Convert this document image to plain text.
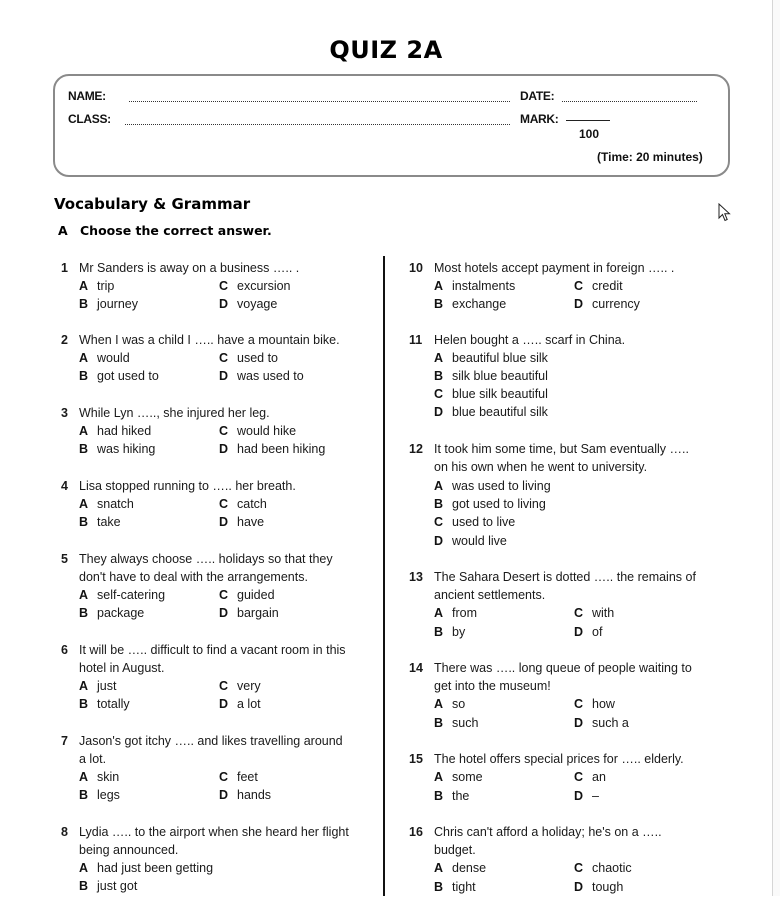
QUIZ 2A
NAME:	DATE:
CLASS:	MARK:
100
(Time: 20 minutes)
Vocabulary & Grammar
A Choose the correct answer.
1 Mr Sanders is away on a business ….. .
A trip
B journey
C excursion
D voyage
2 When I was a child I ….. have a mountain bike.
A would
B got used to
C used to
D was used to
3 While Lyn ….., she injured her leg.
A had hiked
B was hiking
C would hike
D had been hiking
4 Lisa stopped running to ….. her breath.
A snatch
B take
C catch
D have
5 They always choose ….. holidays so that they
don't have to deal with the arrangements.
A self-catering
B package
C guided
D bargain
6 It will be ….. difficult to find a vacant room in this
hotel in August.
A just
B totally
C very
D a lot
7 Jason's got itchy ….. and likes travelling around
a lot.
A skin
B legs
C feet
D hands
8 Lydia ….. to the airport when she heard her flight
being announced.
A had just been getting
B just got
10 Most hotels accept payment in foreign ….. .
A instalments
B exchange
C credit
D currency
11 Helen bought a ….. scarf in China.
A beautiful blue silk
B silk blue beautiful
C blue silk beautiful
D blue beautiful silk
12 It took him some time, but Sam eventually …..
on his own when he went to university.
A was used to living
B got used to living
C used to live
D would live
13 The Sahara Desert is dotted ….. the remains of
ancient settlements.
A from
B by
C with
D of
14 There was ….. long queue of people waiting to
get into the museum!
A so
B such
C how
D such a
15 The hotel offers special prices for ….. elderly.
A some
B the
C an
D –
16 Chris can't afford a holiday; he's on a …..
budget.
A dense
B tight
C chaotic
D tough
